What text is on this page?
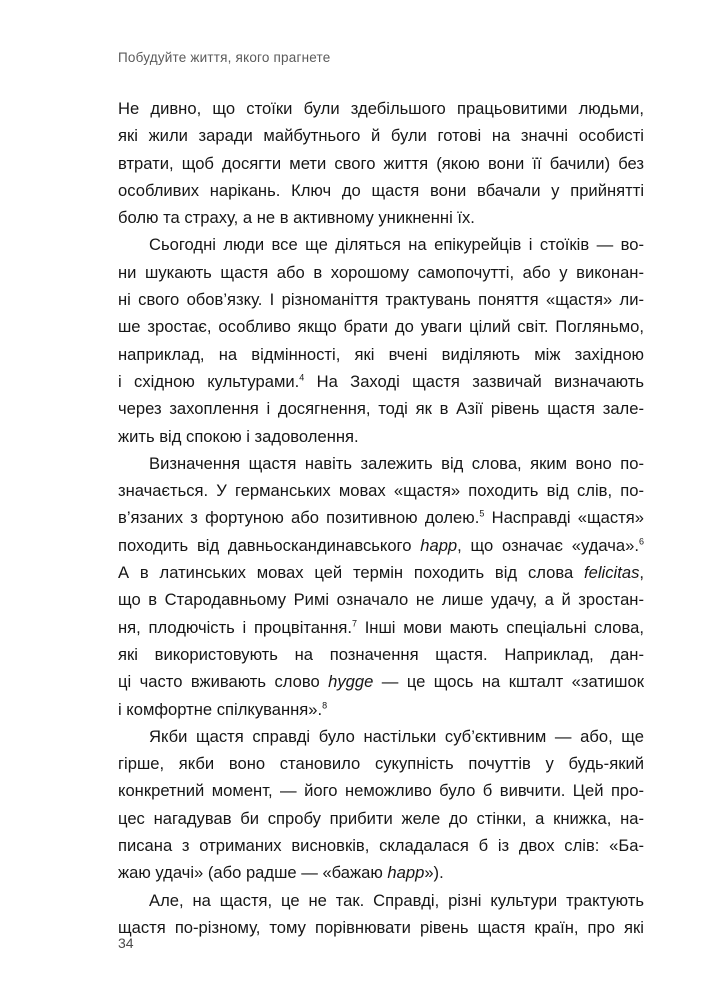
Побудуйте життя, якого прагнете
Не дивно, що стоїки були здебільшого працьовитими людьми,
які жили заради майбутнього й були готові на значні особисті
втрати, щоб досягти мети свого життя (якою вони її бачили) без
особливих нарікань. Ключ до щастя вони вбачали у прийнятті
болю та страху, а не в активному уникненні їх.
Сьогодні люди все ще діляться на епікурейців і стоїків — во-
ни шукають щастя або в хорошому самопочутті, або у виконан-
ні свого обов’язку. І різноманіття трактувань поняття «щастя» ли-
ше зростає, особливо якщо брати до уваги цілий світ. Погляньмо,
наприклад, на відмінності, які вчені виділяють між західною
і східною культурами.$^4$ На Заході щастя зазвичай визначають
через захоплення і досягнення, тоді як в Азії рівень щастя зале-
жить від спокою і задоволення.
Визначення щастя навіть залежить від слова, яким воно по-
значається. У германських мовах «щастя» походить від слів, по-
в’язаних з фортуною або позитивною долею.$^5$ Насправді «щастя»
походить від давньоскандинавського happ, що означає «удача».$^6$
А в латинських мовах цей термін походить від слова felicitas,
що в Стародавньому Римі означало не лише удачу, а й зростан-
ня, плодючість і процвітання.$^7$ Інші мови мають спеціальні слова,
які використовують на позначення щастя. Наприклад, дан-
ці часто вживають слово hygge — це щось на кшталт «затишок
і комфортне спілкування».$^8$
Якби щастя справді було настільки суб’єктивним — або, ще
гірше, якби воно становило сукупність почуттів у будь-який
конкретний момент, — його неможливо було б вивчити. Цей про-
цес нагадував би спробу прибити желе до стінки, а книжка, на-
писана з отриманих висновків, складалася б із двох слів: «Ба-
жаю удачі» (або радше — «бажаю happ»).
Але, на щастя, це не так. Справді, різні культури трактують
щастя по-різному, тому порівнювати рівень щастя країн, про які
34
